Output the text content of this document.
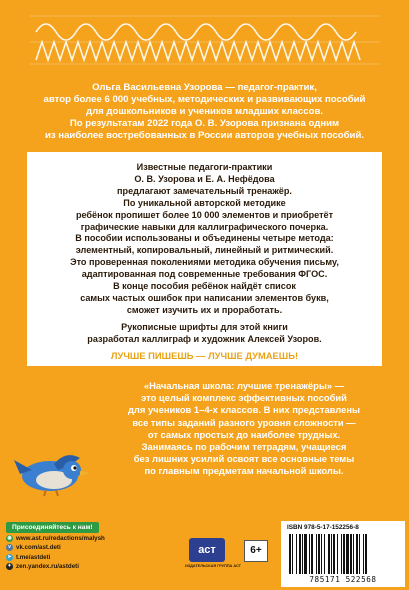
Ольга Васильевна Узорова — педагог-практик,

автор более 6 000 учебных, методических и развивающих пособий

для дошкольников и учеников младших классов.

По результатам 2022 года О. В. Узорова признана одним

из наиболее востребованных в России авторов учебных пособий.

Известные педагоги-практики

О. В. Узорова и Е. А. Нефёдова

предлагают замечательный тренажёр.

По уникальной авторской методике

ребёнок пропишет более 10 000 элементов и приобретёт

графические навыки для каллиграфического почерка.

В пособии использованы и объединены четыре метода:

элементный, копировальный, линейный и ритмический.

Это проверенная поколениями методика обучения письму,

адаптированная под современные требования ФГОС.

В конце пособия ребёнок найдёт список

самых частых ошибок при написании элементов букв,

сможет изучить их и проработать.

Рукописные шрифты для этой книги

разработал каллиграф и художник Алексей Узоров.

ЛУЧШЕ ПИШЕШЬ — ЛУЧШЕ ДУМАЕШЬ!

«Начальная школа: лучшие тренажёры» —

это целый комплекс эффективных пособий

для учеников 1–4-х классов. В них представлены

все типы заданий разного уровня сложности —

от самых простых до наиболее трудных.

Занимаясь по рабочим тетрадям, учащиеся

без лишних усилий освоят все основные темы

по главным предметам начальной школы.

Присоединяйтесь к нам!
◉ www.ast.ru/redactions/malysh
v vk.com/ast.deti
➤ t.me/astdeti
✦ zen.yandex.ru/astdeti
аст
ИЗДАТЕЛЬСКАЯ ГРУППА АСТ
6+
ISBN 978-5-17-152256-8
785171 522568
